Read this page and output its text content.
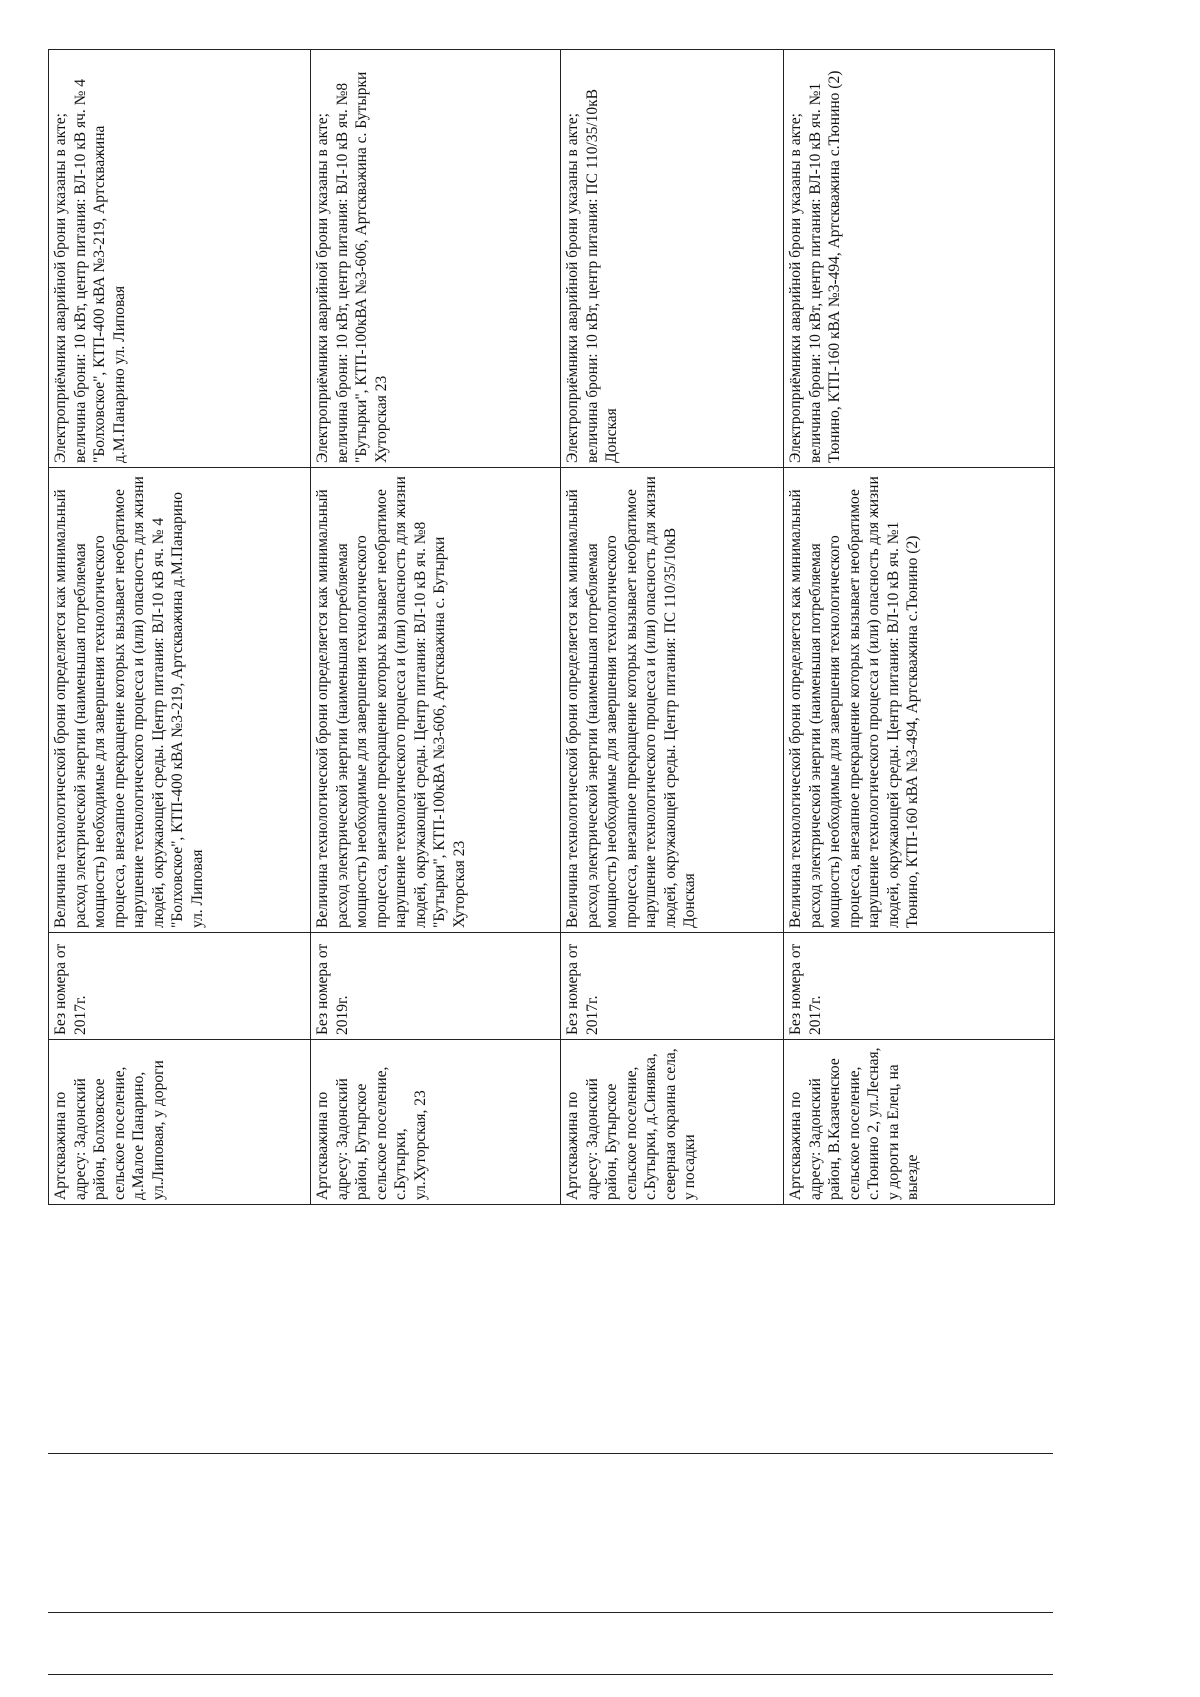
Артскважина по адресу: Задонский район, Болховское сельское поселение, д.Малое Панарино, ул.Липовая, у дороги	Без номера от 2017г.	Величина технологической брони определяется как минимальный расход электрической энергии (наименьшая потребляемая мощность) необходимые для завершения технологического процесса, внезапное прекращение которых вызывает необратимое нарушение технологического процесса и (или) опасность для жизни людей, окружающей среды. Центр питания: ВЛ-10 кВ яч. № 4 "Болховское", КТП-400 кВА №3-219, Артскважина д.М.Панарино ул. Липовая	Электроприёмники аварийной брони указаны в акте; величина брони: 10 кВт, центр питания: ВЛ-10 кВ яч. № 4 "Болховское", КТП-400 кВА №3-219, Артскважина д.М.Панарино ул. Липовая
Артскважина по адресу: Задонский район, Бутырское сельское поселение, с.Бутырки, ул.Хуторская, 23	Без номера от 2019г.	Величина технологической брони определяется как минимальный расход электрической энергии (наименьшая потребляемая мощность) необходимые для завершения технологического процесса, внезапное прекращение которых вызывает необратимое нарушение технологического процесса и (или) опасность для жизни людей, окружающей среды. Центр питания: ВЛ-10 кВ яч. №8 "Бутырки", КТП-100кВА №3-606, Артскважина с. Бутырки Хуторская 23	Электроприёмники аварийной брони указаны в акте; величина брони: 10 кВт, центр питания: ВЛ-10 кВ яч. №8 "Бутырки", КТП-100кВА №3-606, Артскважина с. Бутырки Хуторская 23
Артскважина по адресу: Задонский район, Бутырское сельское поселение, с.Бутырки, д.Синявка, северная окраина села, у посадки	Без номера от 2017г.	Величина технологической брони определяется как минимальный расход электрической энергии (наименьшая потребляемая мощность) необходимые для завершения технологического процесса, внезапное прекращение которых вызывает необратимое нарушение технологического процесса и (или) опасность для жизни людей, окружающей среды. Центр питания: ПС 110/35/10кВ Донская	Электроприёмники аварийной брони указаны в акте; величина брони: 10 кВт, центр питания: ПС 110/35/10кВ Донская
Артскважина по адресу: Задонский район, В.Казаченское сельское поселение, с.Тюнино 2, ул.Лесная, у дороги на Елец, на выезде	Без номера от 2017г.	Величина технологической брони определяется как минимальный расход электрической энергии (наименьшая потребляемая мощность) необходимые для завершения технологического процесса, внезапное прекращение которых вызывает необратимое нарушение технологического процесса и (или) опасность для жизни людей, окружающей среды. Центр питания: ВЛ-10 кВ яч. №1 Тюнино, КТП-160 кВА №3-494, Артскважина с.Тюнино (2)	Электроприёмники аварийной брони указаны в акте; величина брони: 10 кВт, центр питания: ВЛ-10 кВ яч. №1 Тюнино, КТП-160 кВА №3-494, Артскважина с.Тюнино (2)
